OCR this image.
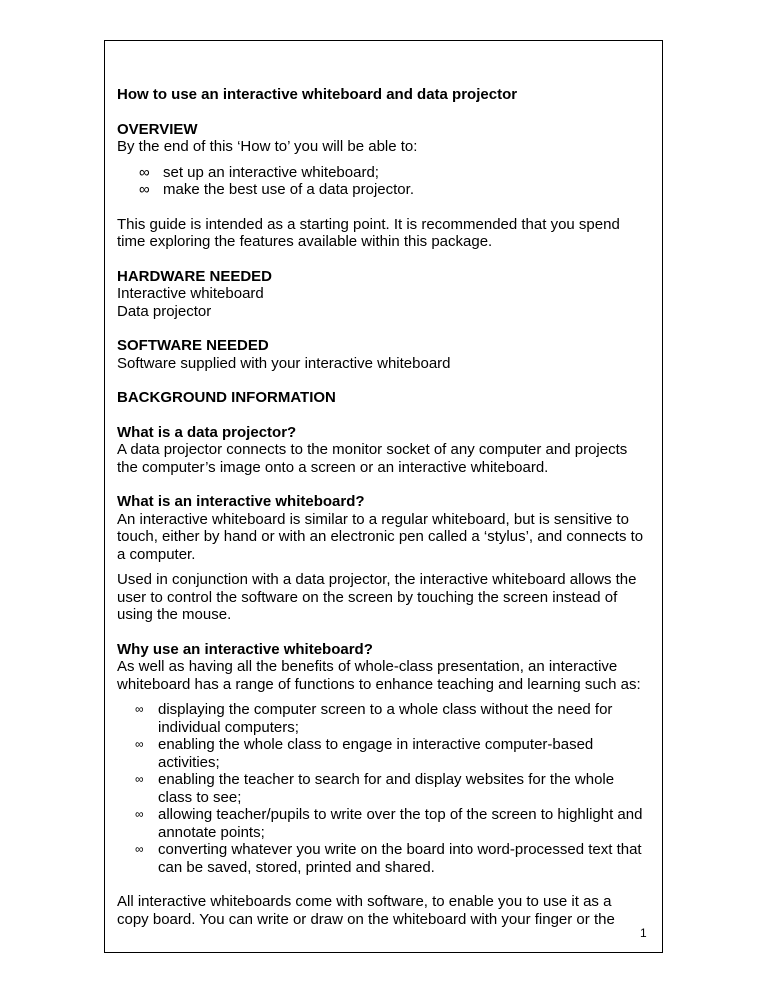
How to use an interactive whiteboard and data projector

OVERVIEW

By the end of this ‘How to’ you will be able to:

∞ set up an interactive whiteboard;
∞ make the best use of a data projector.

This guide is intended as a starting point. It is recommended that you spend time exploring the features available within this package.

HARDWARE NEEDED

Interactive whiteboard

Data projector

SOFTWARE NEEDED

Software supplied with your interactive whiteboard

BACKGROUND INFORMATION

What is a data projector?

A data projector connects to the monitor socket of any computer and projects the computer’s image onto a screen or an interactive whiteboard.

What is an interactive whiteboard?

An interactive whiteboard is similar to a regular whiteboard, but is sensitive to touch, either by hand or with an electronic pen called a ‘stylus’, and connects to a computer.

Used in conjunction with a data projector, the interactive whiteboard allows the user to control the software on the screen by touching the screen instead of using the mouse.

Why use an interactive whiteboard?

As well as having all the benefits of whole-class presentation, an interactive whiteboard has a range of functions to enhance teaching and learning such as:

∞ displaying the computer screen to a whole class without the need for individual computers;
∞ enabling the whole class to engage in interactive computer-based activities;
∞ enabling the teacher to search for and display websites for the whole class to see;
∞ allowing teacher/pupils to write over the top of the screen to highlight and annotate points;
∞ converting whatever you write on the board into word-processed text that can be saved, stored, printed and shared.

All interactive whiteboards come with software, to enable you to use it as a copy board. You can write or draw on the whiteboard with your finger or the

1
